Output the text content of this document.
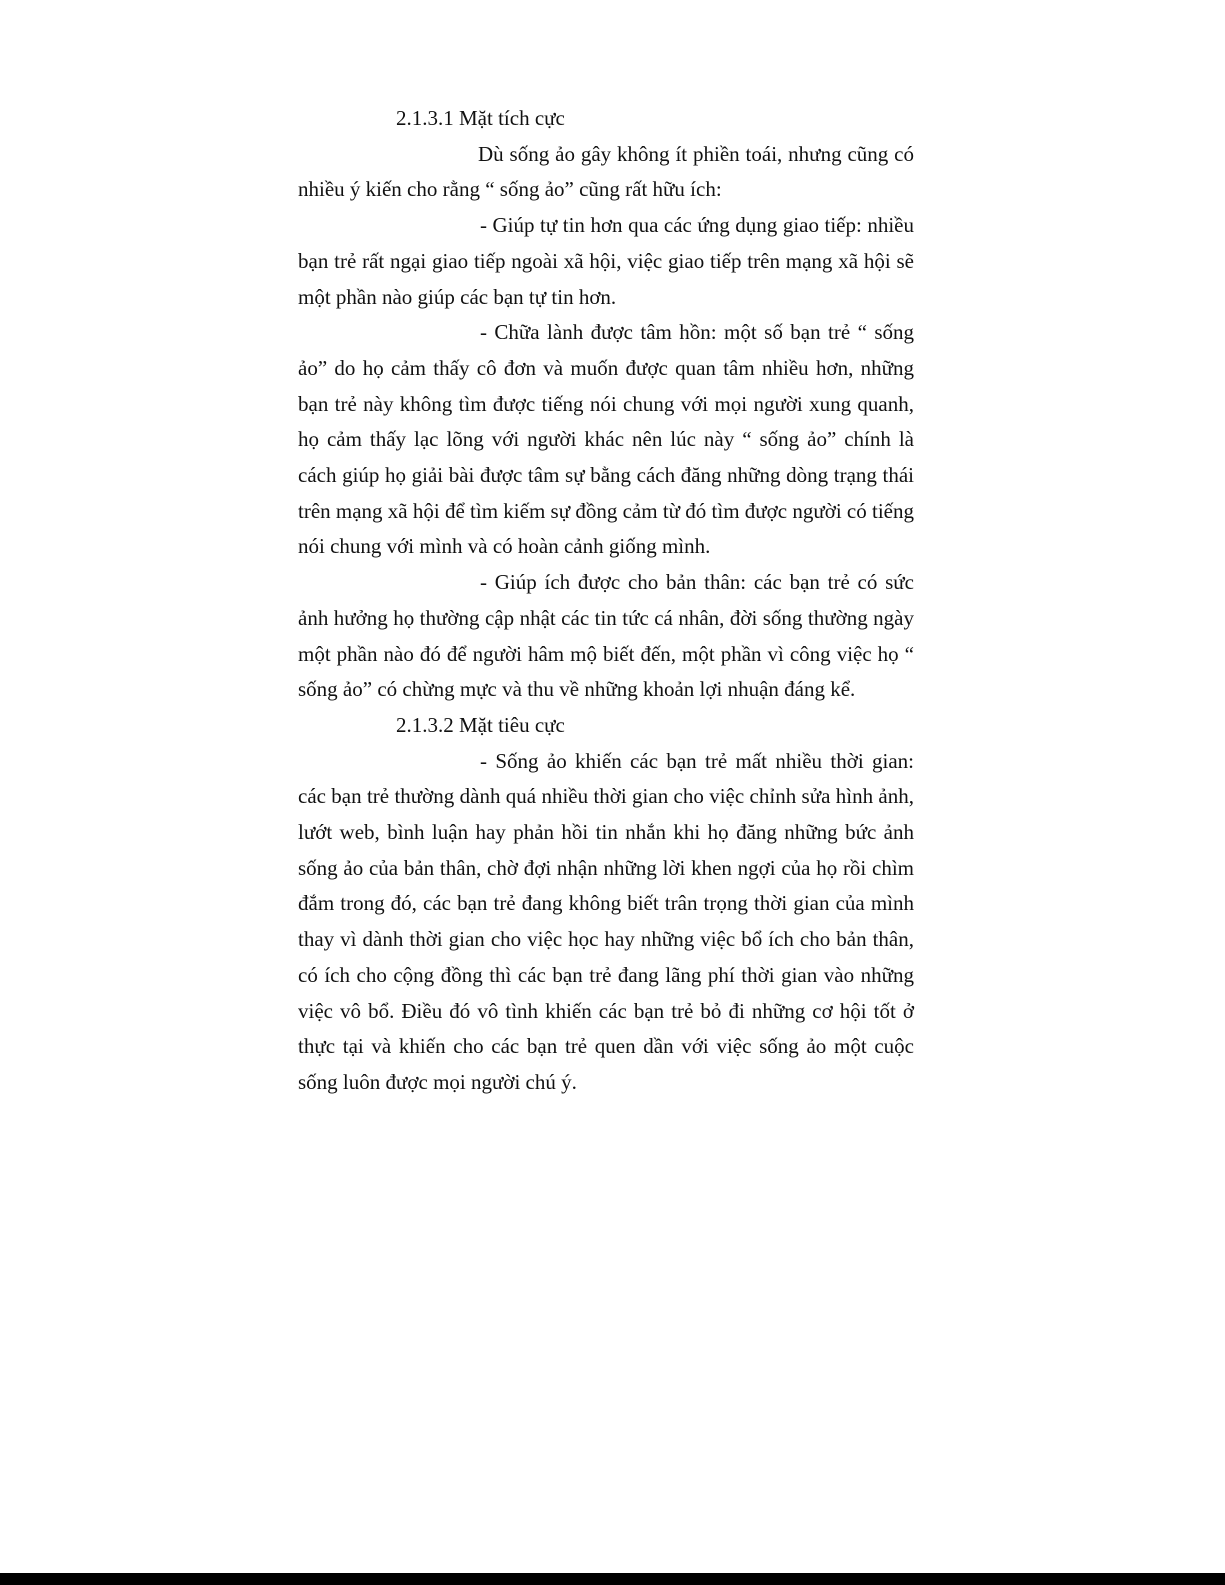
2.1.3.1 Mặt tích cực

Dù sống ảo gây không ít phiền toái, nhưng cũng có nhiều ý kiến cho rằng “ sống ảo” cũng rất hữu ích:

- Giúp tự tin hơn qua các ứng dụng giao tiếp: nhiều bạn trẻ rất ngại giao tiếp ngoài xã hội, việc giao tiếp trên mạng xã hội sẽ một phần nào giúp các bạn tự tin hơn.

- Chữa lành được tâm hồn: một số bạn trẻ “ sống ảo” do họ cảm thấy cô đơn và muốn được quan tâm nhiều hơn, những bạn trẻ này không tìm được tiếng nói chung với mọi người xung quanh, họ cảm thấy lạc lõng với người khác nên lúc này “ sống ảo” chính là cách giúp họ giải bài được tâm sự bằng cách đăng những dòng trạng thái trên mạng xã hội để tìm kiếm sự đồng cảm từ đó tìm được người có tiếng nói chung với mình và có hoàn cảnh giống mình.

- Giúp ích được cho bản thân: các bạn trẻ có sức ảnh hưởng họ thường cập nhật các tin tức cá nhân, đời sống thường ngày một phần nào đó để người hâm mộ biết đến, một phần vì công việc họ “ sống ảo” có chừng mực và thu về những khoản lợi nhuận đáng kể.

2.1.3.2 Mặt tiêu cực

- Sống ảo khiến các bạn trẻ mất nhiều thời gian: các bạn trẻ thường dành quá nhiều thời gian cho việc chỉnh sửa hình ảnh, lướt web, bình luận hay phản hồi tin nhắn khi họ đăng những bức ảnh sống ảo của bản thân, chờ đợi nhận những lời khen ngợi của họ rồi chìm đắm trong đó, các bạn trẻ đang không biết trân trọng thời gian của mình thay vì dành thời gian cho việc học hay những việc bổ ích cho bản thân, có ích cho cộng đồng thì các bạn trẻ đang lãng phí thời gian vào những việc vô bổ. Điều đó vô tình khiến các bạn trẻ bỏ đi những cơ hội tốt ở thực tại và khiến cho các bạn trẻ quen dần với việc sống ảo một cuộc sống luôn được mọi người chú ý.
